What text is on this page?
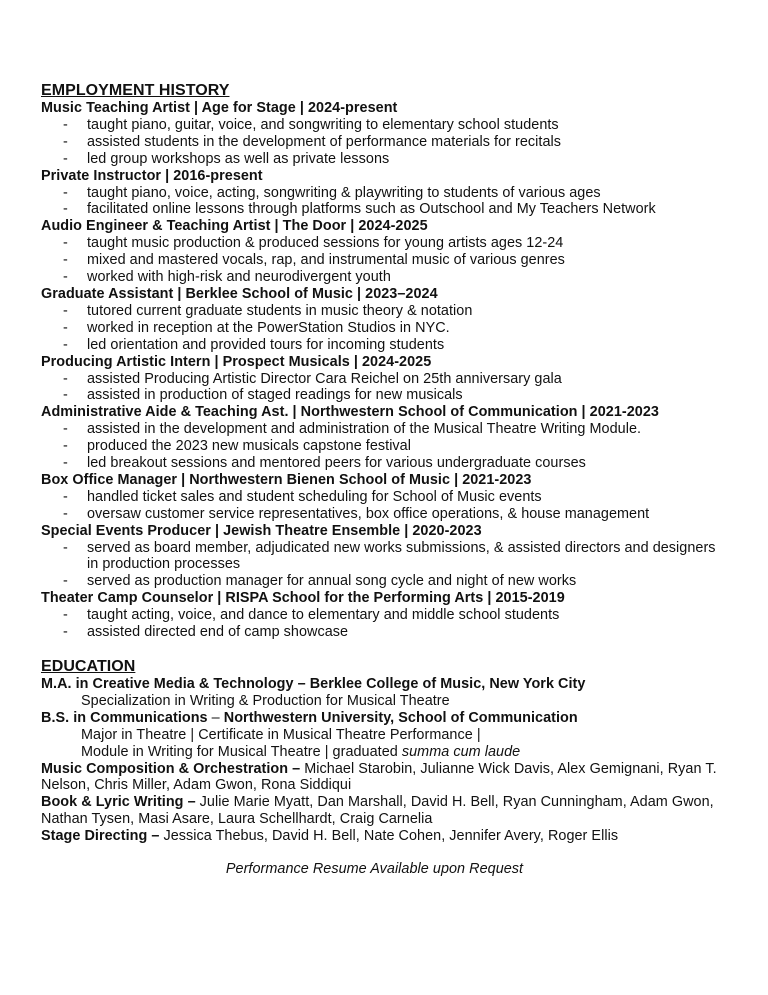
EMPLOYMENT HISTORY
Music Teaching Artist | Age for Stage | 2024-present
- taught piano, guitar, voice, and songwriting to elementary school students
- assisted students in the development of performance materials for recitals
- led group workshops as well as private lessons
Private Instructor | 2016-present
- taught piano, voice, acting, songwriting & playwriting to students of various ages
- facilitated online lessons through platforms such as Outschool and My Teachers Network
Audio Engineer & Teaching Artist | The Door | 2024-2025
- taught music production & produced sessions for young artists ages 12-24
- mixed and mastered vocals, rap, and instrumental music of various genres
- worked with high-risk and neurodivergent youth
Graduate Assistant | Berklee School of Music | 2023–2024
- tutored current graduate students in music theory & notation
- worked in reception at the PowerStation Studios in NYC.
- led orientation and provided tours for incoming students
Producing Artistic Intern | Prospect Musicals | 2024-2025
- assisted Producing Artistic Director Cara Reichel on 25th anniversary gala
- assisted in production of staged readings for new musicals
Administrative Aide & Teaching Ast. | Northwestern School of Communication | 2021-2023
- assisted in the development and administration of the Musical Theatre Writing Module.
- produced the 2023 new musicals capstone festival
- led breakout sessions and mentored peers for various undergraduate courses
Box Office Manager | Northwestern Bienen School of Music | 2021-2023
- handled ticket sales and student scheduling for School of Music events
- oversaw customer service representatives, box office operations, & house management
Special Events Producer | Jewish Theatre Ensemble | 2020-2023
- served as board member, adjudicated new works submissions, & assisted directors and designers in production processes
- served as production manager for annual song cycle and night of new works
Theater Camp Counselor | RISPA School for the Performing Arts | 2015-2019
- taught acting, voice, and dance to elementary and middle school students
- assisted directed end of camp showcase
EDUCATION
M.A. in Creative Media & Technology – Berklee College of Music, New York City
Specialization in Writing & Production for Musical Theatre
B.S. in Communications – Northwestern University, School of Communication
Major in Theatre | Certificate in Musical Theatre Performance |
Module in Writing for Musical Theatre | graduated summa cum laude
Music Composition & Orchestration – Michael Starobin, Julianne Wick Davis, Alex Gemignani, Ryan T. Nelson, Chris Miller, Adam Gwon, Rona Siddiqui
Book & Lyric Writing – Julie Marie Myatt, Dan Marshall, David H. Bell, Ryan Cunningham, Adam Gwon, Nathan Tysen, Masi Asare, Laura Schellhardt, Craig Carnelia
Stage Directing – Jessica Thebus, David H. Bell, Nate Cohen, Jennifer Avery, Roger Ellis
Performance Resume Available upon Request
